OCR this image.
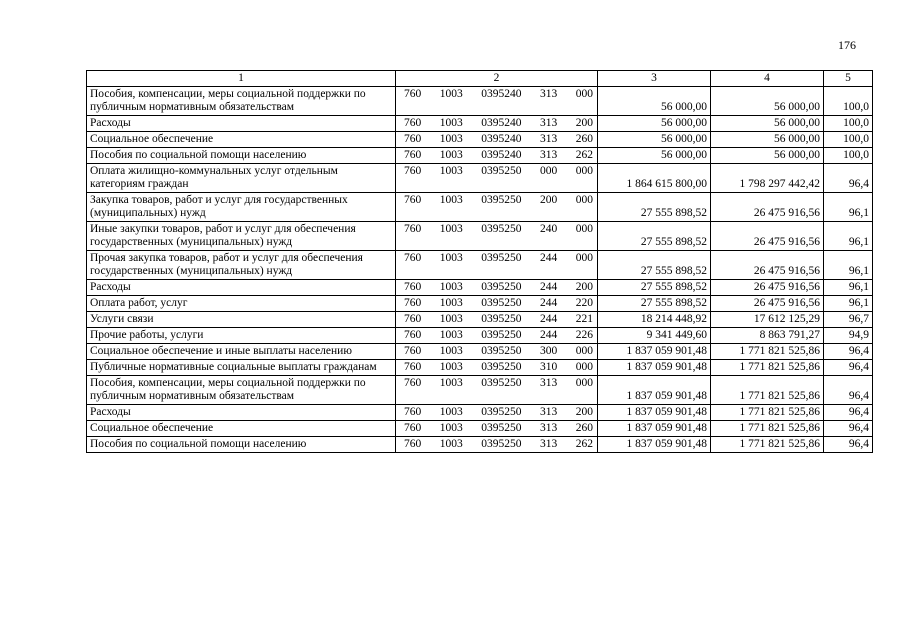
176
1	2	3	4	5
Пособия, компенсации, меры социальной поддержки по публичным нормативным обязательствам	760 1003 0395240 313 000	56 000,00	56 000,00	100,0
Расходы	760 1003 0395240 313 200	56 000,00	56 000,00	100,0
Социальное обеспечение	760 1003 0395240 313 260	56 000,00	56 000,00	100,0
Пособия по социальной помощи населению	760 1003 0395240 313 262	56 000,00	56 000,00	100,0
Оплата жилищно-коммунальных услуг отдельным категориям граждан	760 1003 0395250 000 000	1 864 615 800,00	1 798 297 442,42	96,4
Закупка товаров, работ и услуг для государственных (муниципальных) нужд	760 1003 0395250 200 000	27 555 898,52	26 475 916,56	96,1
Иные закупки товаров, работ и услуг для обеспечения государственных (муниципальных) нужд	760 1003 0395250 240 000	27 555 898,52	26 475 916,56	96,1
Прочая закупка товаров, работ и услуг для обеспечения государственных (муниципальных) нужд	760 1003 0395250 244 000	27 555 898,52	26 475 916,56	96,1
Расходы	760 1003 0395250 244 200	27 555 898,52	26 475 916,56	96,1
Оплата работ, услуг	760 1003 0395250 244 220	27 555 898,52	26 475 916,56	96,1
Услуги связи	760 1003 0395250 244 221	18 214 448,92	17 612 125,29	96,7
Прочие работы, услуги	760 1003 0395250 244 226	9 341 449,60	8 863 791,27	94,9
Социальное обеспечение и иные выплаты населению	760 1003 0395250 300 000	1 837 059 901,48	1 771 821 525,86	96,4
Публичные нормативные социальные выплаты гражданам	760 1003 0395250 310 000	1 837 059 901,48	1 771 821 525,86	96,4
Пособия, компенсации, меры социальной поддержки по публичным нормативным обязательствам	760 1003 0395250 313 000	1 837 059 901,48	1 771 821 525,86	96,4
Расходы	760 1003 0395250 313 200	1 837 059 901,48	1 771 821 525,86	96,4
Социальное обеспечение	760 1003 0395250 313 260	1 837 059 901,48	1 771 821 525,86	96,4
Пособия по социальной помощи населению	760 1003 0395250 313 262	1 837 059 901,48	1 771 821 525,86	96,4
